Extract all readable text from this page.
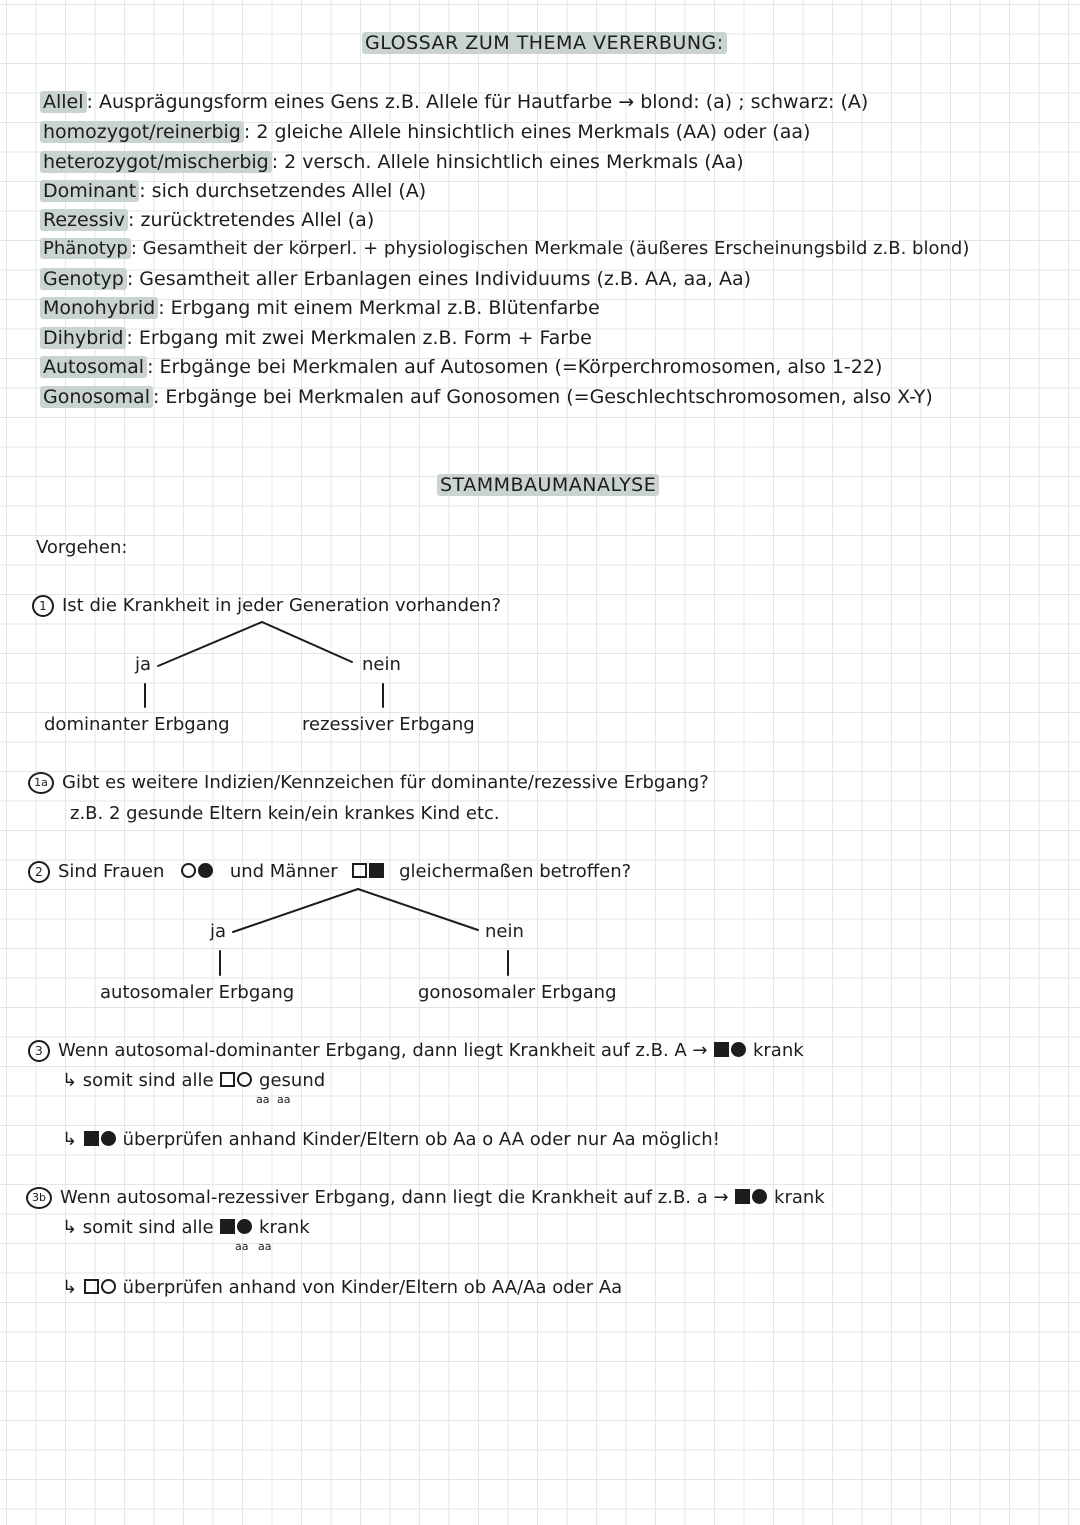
GLOSSAR ZUM THEMA VERERBUNG:
Allel : Ausprägungsform eines Gens z.B. Allele für Hautfarbe → blond: (a) ; schwarz: (A)
homozygot/reinerbig : 2 gleiche Allele hinsichtlich eines Merkmals (AA) oder (aa)
heterozygot/mischerbig : 2 versch. Allele hinsichtlich eines Merkmals (Aa)
Dominant : sich durchsetzendes Allel (A)
Rezessiv : zurücktretendes Allel (a)
Phänotyp : Gesamtheit der körperl. + physiologischen Merkmale (äußeres Erscheinungsbild z.B. blond)
Genotyp : Gesamtheit aller Erbanlagen eines Individuums (z.B. AA, aa, Aa)
Monohybrid : Erbgang mit einem Merkmal z.B. Blütenfarbe
Dihybrid : Erbgang mit zwei Merkmalen z.B. Form + Farbe
Autosomal : Erbgänge bei Merkmalen auf Autosomen (=Körperchromosomen, also 1-22)
Gonosomal : Erbgänge bei Merkmalen auf Gonosomen (=Geschlechtschromosomen, also X-Y)
STAMMBAUMANALYSE
Vorgehen:
1 Ist die Krankheit in jeder Generation vorhanden?
ja	nein
dominanter Erbgang	rezessiver Erbgang
1a Gibt es weitere Indizien/Kennzeichen für dominante/rezessive Erbgang?
z.B. 2 gesunde Eltern kein/ein krankes Kind etc.
2 Sind Frauen	und Männer	gleichermaßen betroffen?
ja	nein
autosomaler Erbgang	gonosomaler Erbgang
3 Wenn autosomal-dominanter Erbgang, dann liegt Krankheit auf z.B. A →	krank
↳ somit sind alle	gesund
aa aa
↳	überprüfen anhand Kinder/Eltern ob Aa o AA oder nur Aa möglich!
3b Wenn autosomal-rezessiver Erbgang, dann liegt die Krankheit auf z.B. a →	krank
↳ somit sind alle	krank
aa aa
↳	überprüfen anhand von Kinder/Eltern ob AA/Aa oder Aa
